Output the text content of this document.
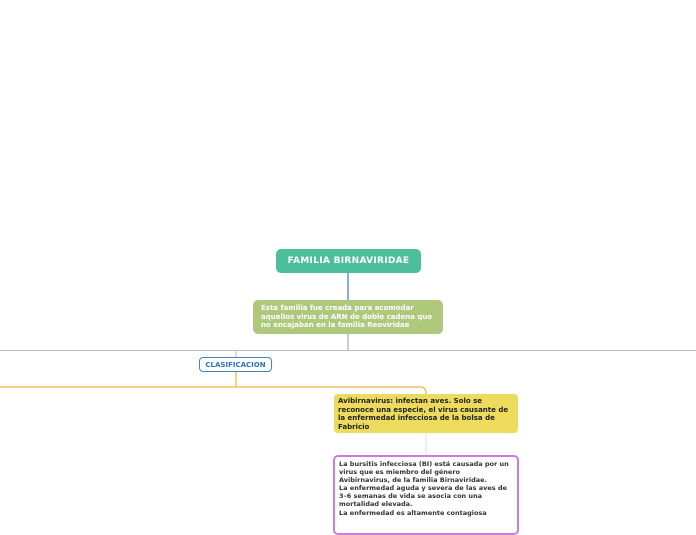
FAMILIA BIRNAVIRIDAE
Esta familia fue creada para acomodar aquellos virus de ARN de doble cadena que no encajaban en la familia Reoviridae
CLASIFICACION
Avibirnavirus: infectan aves. Solo se reconoce una especie, el virus causante de la enfermedad infecciosa de la bolsa de Fabricio
La bursitis infecciosa (BI) está causada por un virus que es miembro del género Avibirnavirus, de la familia Birnaviridae.
La enfermedad aguda y severa de las aves de 3–6 semanas de vida se asocia con una mortalidad elevada.
La enfermedad es altamente contagiosa
